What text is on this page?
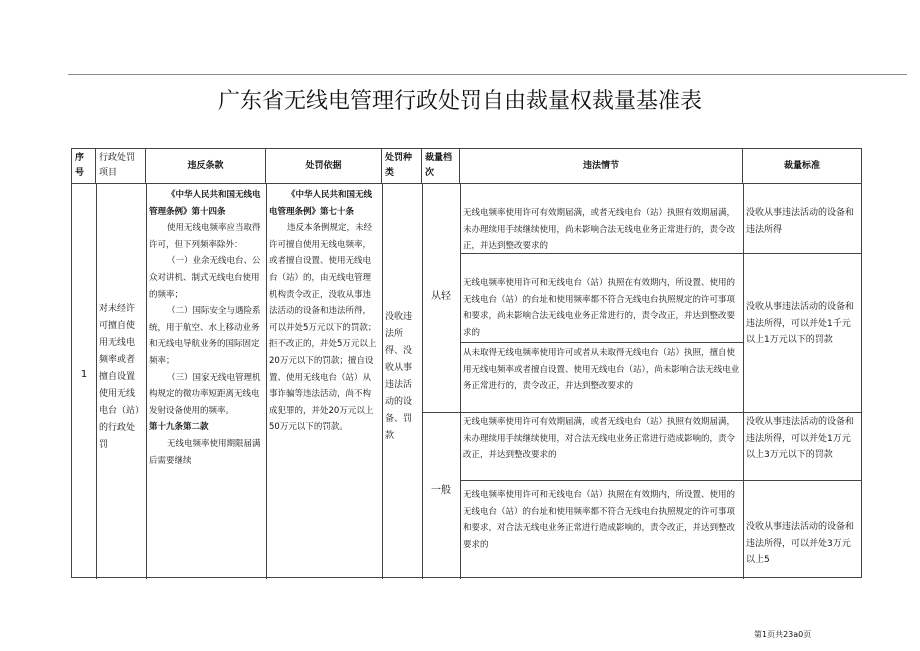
广东省无线电管理行政处罚自由裁量权裁量基准表
序号
行政处罚项目
违反条款	处罚依据
处罚种类
裁量档次
违法情节	裁量标准
1
对未经许可擅自使用无线电频率或者擅自设置使用无线电台（站）的行政处罚
《中华人民共和国无线电管理条例》第十四条
使用无线电频率应当取得许可，但下列频率除外：
（一）业余无线电台、公众对讲机、制式无线电台使用的频率；
（二）国际安全与遇险系统，用于航空、水上移动业务和无线电导航业务的国际固定频率；
（三）国家无线电管理机构规定的微功率短距离无线电发射设备使用的频率。
第十九条第二款
无线电频率使用期限届满后需要继续
《中华人民共和国无线电管理条例》第七十条
违反本条例规定，未经许可擅自使用无线电频率，或者擅自设置、使用无线电台（站）的，由无线电管理机构责令改正，没收从事违法活动的设备和违法所得，可以并处5万元以下的罚款；拒不改正的，并处5万元以上20万元以下的罚款；擅自设置、使用无线电台（站）从事诈骗等违法活动，尚不构成犯罪的，并处20万元以上50万元以下的罚款。
没收违法所得、没收从事违法活动的设备、罚款
从轻
一般
无线电频率使用许可有效期届满，或者无线电台（站）执照有效期届满，未办理续用手续继续使用，尚未影响合法无线电业务正常进行的，责令改正，并达到整改要求的
无线电频率使用许可和无线电台（站）执照在有效期内，所设置、使用的无线电台（站）的台址和使用频率都不符合无线电台执照规定的许可事项和要求，尚未影响合法无线电业务正常进行的，责令改正，并达到整改要求的
从未取得无线电频率使用许可或者从未取得无线电台（站）执照，擅自使用无线电频率或者擅自设置、使用无线电台（站），尚未影响合法无线电业务正常进行的，责令改正，并达到整改要求的
无线电频率使用许可有效期届满，或者无线电台（站）执照有效期届满，未办理续用手续继续使用，对合法无线电业务正常进行造成影响的，责令改正，并达到整改要求的
无线电频率使用许可和无线电台（站）执照在有效期内，所设置、使用的无线电台（站）的台址和使用频率都不符合无线电台执照规定的许可事项和要求，对合法无线电业务正常进行造成影响的，责令改正，并达到整改要求的
没收从事违法活动的设备和违法所得
没收从事违法活动的设备和违法所得，可以并处1千元以上1万元以下的罚款
没收从事违法活动的设备和违法所得，可以并处1万元以上3万元以下的罚款
没收从事违法活动的设备和违法所得，可以并处3万元以上5
第1页共23a0页
